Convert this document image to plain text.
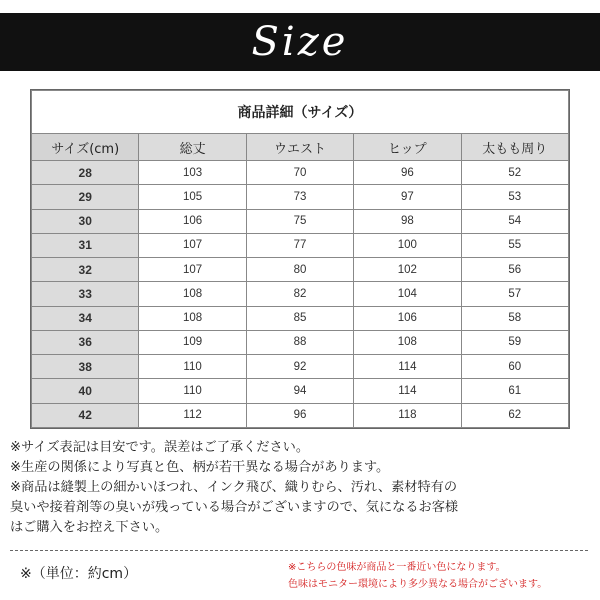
Size
商品詳細（サイズ）				
サイズ(cm)	総丈	ウエスト	ヒップ	太もも周り
28	103	70	96	52
29	105	73	97	53
30	106	75	98	54
31	107	77	100	55
32	107	80	102	56
33	108	82	104	57
34	108	85	106	58
36	109	88	108	59
38	110	92	114	60
40	110	94	114	61
42	112	96	118	62
※サイズ表記は目安です。誤差はご了承ください。
※生産の関係により写真と色、柄が若干異なる場合があります。
※商品は縫製上の細かいほつれ、インク飛び、織りむら、汚れ、素材特有の
臭いや接着剤等の臭いが残っている場合がございますので、気になるお客様
はご購入をお控え下さい。
※（単位：約cm）	※こちらの色味が商品と一番近い色になります。
色味はモニター環境により多少異なる場合がございます。
